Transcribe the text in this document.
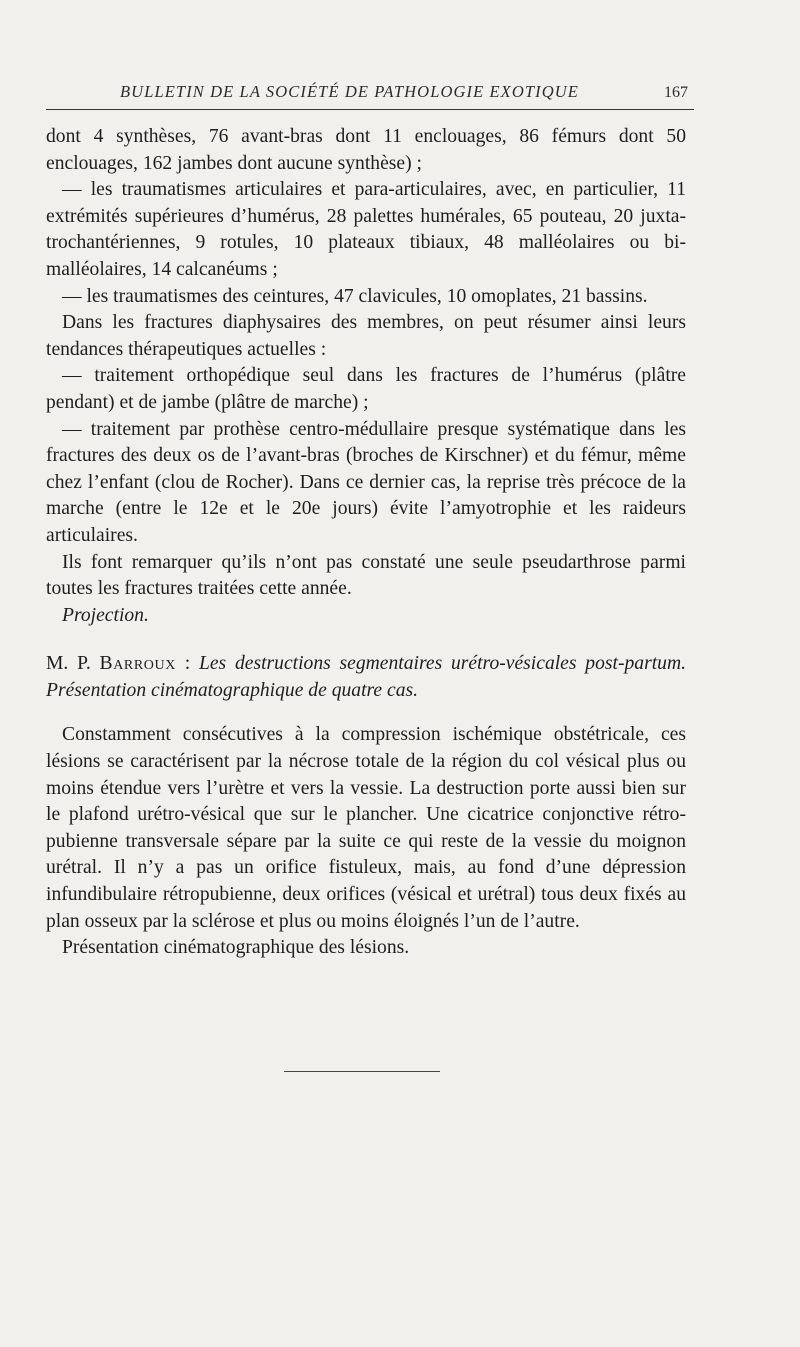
BULLETIN DE LA SOCIÉTÉ DE PATHOLOGIE EXOTIQUE	167

dont 4 synthèses, 76 avant-bras dont 11 enclouages, 86 fémurs dont 50 enclouages, 162 jambes dont aucune synthèse) ;

— les traumatismes articulaires et para-articulaires, avec, en particulier, 11 extrémités supérieures d’humérus, 28 palettes humérales, 65 pouteau, 20 juxta-trochantériennes, 9 rotules, 10 plateaux tibiaux, 48 malléolaires ou bi-malléolaires, 14 calcanéums ;

— les traumatismes des ceintures, 47 clavicules, 10 omoplates, 21 bassins.

Dans les fractures diaphysaires des membres, on peut résumer ainsi leurs tendances thérapeutiques actuelles :

— traitement orthopédique seul dans les fractures de l’humérus (plâtre pendant) et de jambe (plâtre de marche) ;

— traitement par prothèse centro-médullaire presque systématique dans les fractures des deux os de l’avant-bras (broches de Kirschner) et du fémur, même chez l’enfant (clou de Rocher). Dans ce dernier cas, la reprise très précoce de la marche (entre le 12e et le 20e jours) évite l’amyotrophie et les raideurs articulaires.

Ils font remarquer qu’ils n’ont pas constaté une seule pseudarthrose parmi toutes les fractures traitées cette année.

Projection.

M. P. Barroux : Les destructions segmentaires urétro-vésicales post-partum. Présentation cinématographique de quatre cas.

Constamment consécutives à la compression ischémique obstétricale, ces lésions se caractérisent par la nécrose totale de la région du col vésical plus ou moins étendue vers l’urètre et vers la vessie. La destruction porte aussi bien sur le plafond urétro-vésical que sur le plancher. Une cicatrice conjonctive rétro-pubienne transversale sépare par la suite ce qui reste de la vessie du moignon urétral. Il n’y a pas un orifice fistuleux, mais, au fond d’une dépression infundibulaire rétropubienne, deux orifices (vésical et urétral) tous deux fixés au plan osseux par la sclérose et plus ou moins éloignés l’un de l’autre.

Présentation cinématographique des lésions.
